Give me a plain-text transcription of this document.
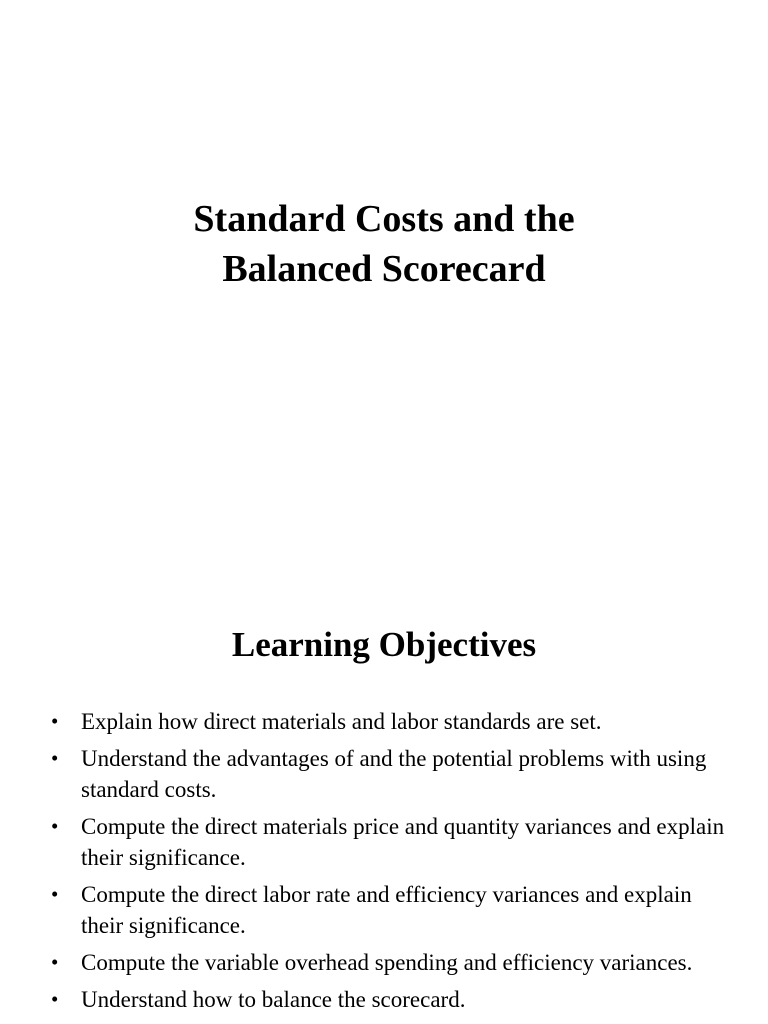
Standard Costs and the
Balanced Scorecard
Learning Objectives
• Explain how direct materials and labor standards are set.
• Understand the advantages of and the potential problems with using standard costs.
• Compute the direct materials price and quantity variances and explain their significance.
• Compute the direct labor rate and efficiency variances and explain their significance.
• Compute the variable overhead spending and efficiency variances.
• Understand how to balance the scorecard.
